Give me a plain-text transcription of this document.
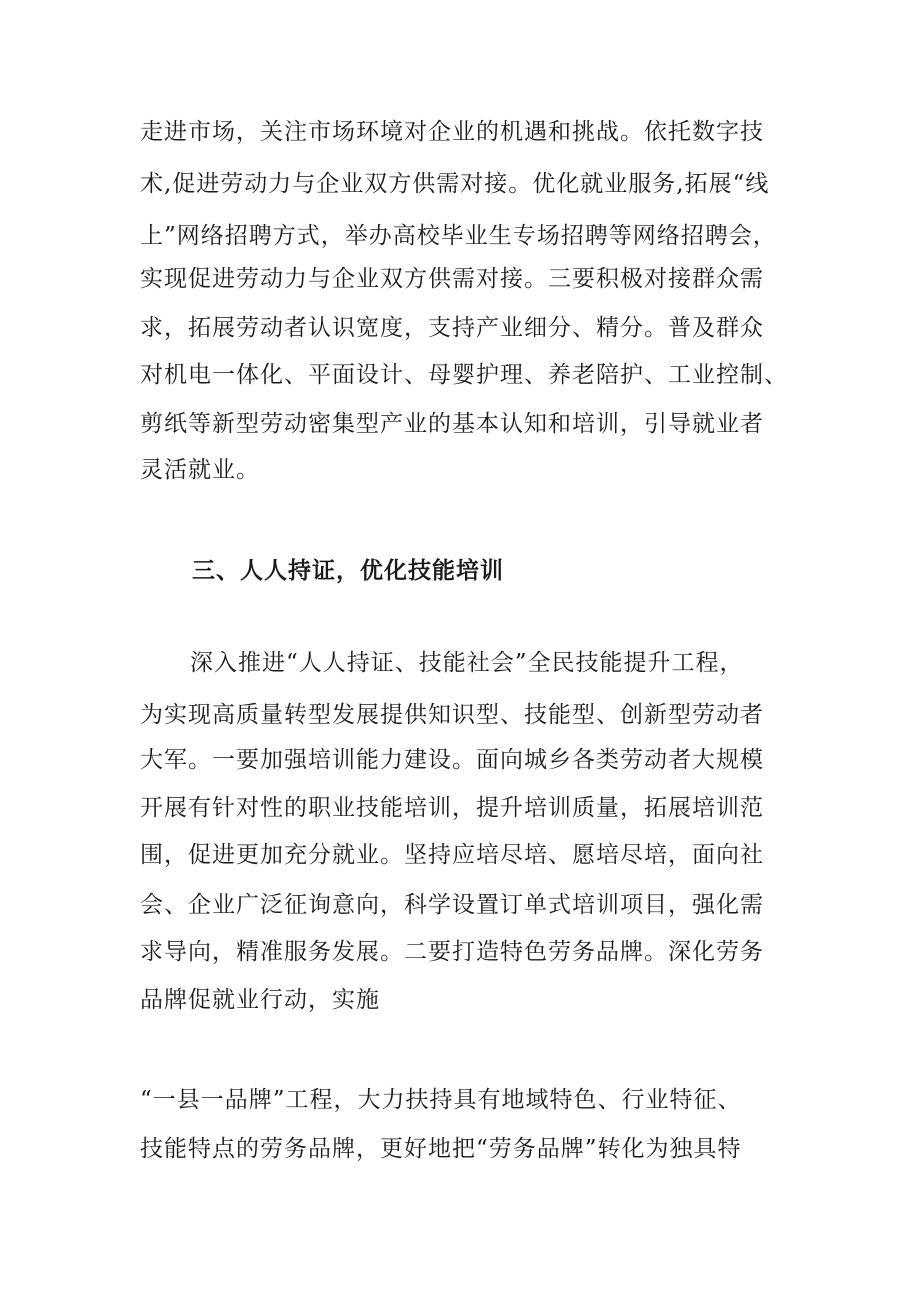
走进市场，关注市场环境对企业的机遇和挑战。依托数字技
术,促进劳动力与企业双方供需对接。优化就业服务,拓展“线
上”网络招聘方式，举办高校毕业生专场招聘等网络招聘会，
实现促进劳动力与企业双方供需对接。三要积极对接群众需
求，拓展劳动者认识宽度，支持产业细分、精分。普及群众
对机电一体化、平面设计、母婴护理、养老陪护、工业控制、
剪纸等新型劳动密集型产业的基本认知和培训，引导就业者
灵活就业。
三、人人持证，优化技能培训
深入推进“人人持证、技能社会”全民技能提升工程，
为实现高质量转型发展提供知识型、技能型、创新型劳动者
大军。一要加强培训能力建设。面向城乡各类劳动者大规模
开展有针对性的职业技能培训，提升培训质量，拓展培训范
围，促进更加充分就业。坚持应培尽培、愿培尽培，面向社
会、企业广泛征询意向，科学设置订单式培训项目，强化需
求导向，精准服务发展。二要打造特色劳务品牌。深化劳务
品牌促就业行动，实施
“一县一品牌”工程，大力扶持具有地域特色、行业特征、
技能特点的劳务品牌，更好地把“劳务品牌”转化为独具特
